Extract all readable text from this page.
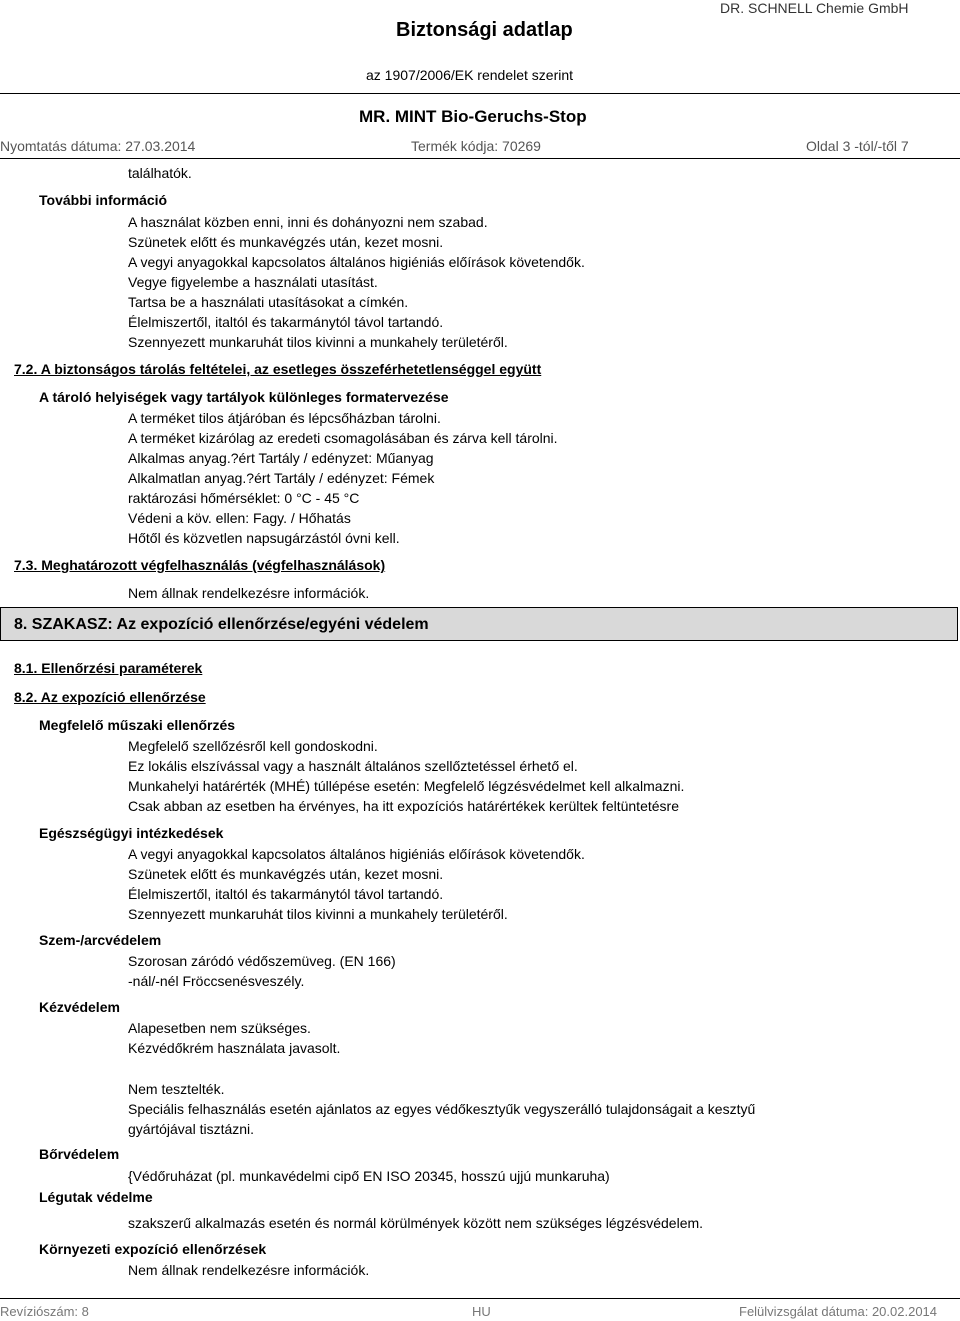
Biztonsági adatlap
DR. SCHNELL Chemie GmbH
az 1907/2006/EK rendelet szerint
MR. MINT Bio-Geruchs-Stop
Nyomtatás dátuma: 27.03.2014	Termék kódja: 70269	Oldal 3 -tól/-től 7
találhatók.
További információ
A használat közben enni, inni és dohányozni nem szabad.
Szünetek előtt és munkavégzés után, kezet mosni.
A vegyi anyagokkal kapcsolatos általános higiéniás előírások követendők.
Vegye figyelembe a használati utasítást.
Tartsa be a használati utasításokat a címkén.
Élelmiszertől, italtól és takarmánytól távol tartandó.
Szennyezett munkaruhát tilos kivinni a munkahely területéről.
7.2. A biztonságos tárolás feltételei, az esetleges összeférhetetlenséggel együtt
A tároló helyiségek vagy tartályok különleges formatervezése
A terméket tilos átjáróban és lépcsőházban tárolni.
A terméket kizárólag az eredeti csomagolásában és zárva kell tárolni.
Alkalmas anyag.?ért Tartály / edényzet: Műanyag
Alkalmatlan anyag.?ért Tartály / edényzet: Fémek
raktározási hőmérséklet: 0 °C - 45 °C
Védeni a köv. ellen: Fagy. / Hőhatás
Hőtől és közvetlen napsugárzástól óvni kell.
7.3. Meghatározott végfelhasználás (végfelhasználások)
Nem állnak rendelkezésre információk.
8. SZAKASZ: Az expozíció ellenőrzése/egyéni védelem
8.1. Ellenőrzési paraméterek
8.2. Az expozíció ellenőrzése
Megfelelő műszaki ellenőrzés
Megfelelő szellőzésről kell gondoskodni.
Ez lokális elszívással vagy a használt általános szellőztetéssel érhető el.
Munkahelyi határérték (MHÉ) túllépése esetén: Megfelelő légzésvédelmet kell alkalmazni.
Csak abban az esetben ha érvényes, ha itt expozíciós határértékek kerültek feltüntetésre
Egészségügyi intézkedések
A vegyi anyagokkal kapcsolatos általános higiéniás előírások követendők.
Szünetek előtt és munkavégzés után, kezet mosni.
Élelmiszertől, italtól és takarmánytól távol tartandó.
Szennyezett munkaruhát tilos kivinni a munkahely területéről.
Szem-/arcvédelem
Szorosan záródó védőszemüveg. (EN 166)
-nál/-nél Fröccsenésveszély.
Kézvédelem
Alapesetben nem szükséges.
Kézvédőkrém használata javasolt.
Nem tesztelték.
Speciális felhasználás esetén ajánlatos az egyes védőkesztyűk vegyszerálló tulajdonságait a kesztyű
gyártójával tisztázni.
Bőrvédelem
{Védőruházat (pl. munkavédelmi cipő EN ISO 20345, hosszú ujjú munkaruha)
Légutak védelme
szakszerű alkalmazás esetén és normál körülmények között nem szükséges légzésvédelem.
Környezeti expozíció ellenőrzések
Nem állnak rendelkezésre információk.
Revíziószám: 8	HU	Felülvizsgálat dátuma: 20.02.2014
